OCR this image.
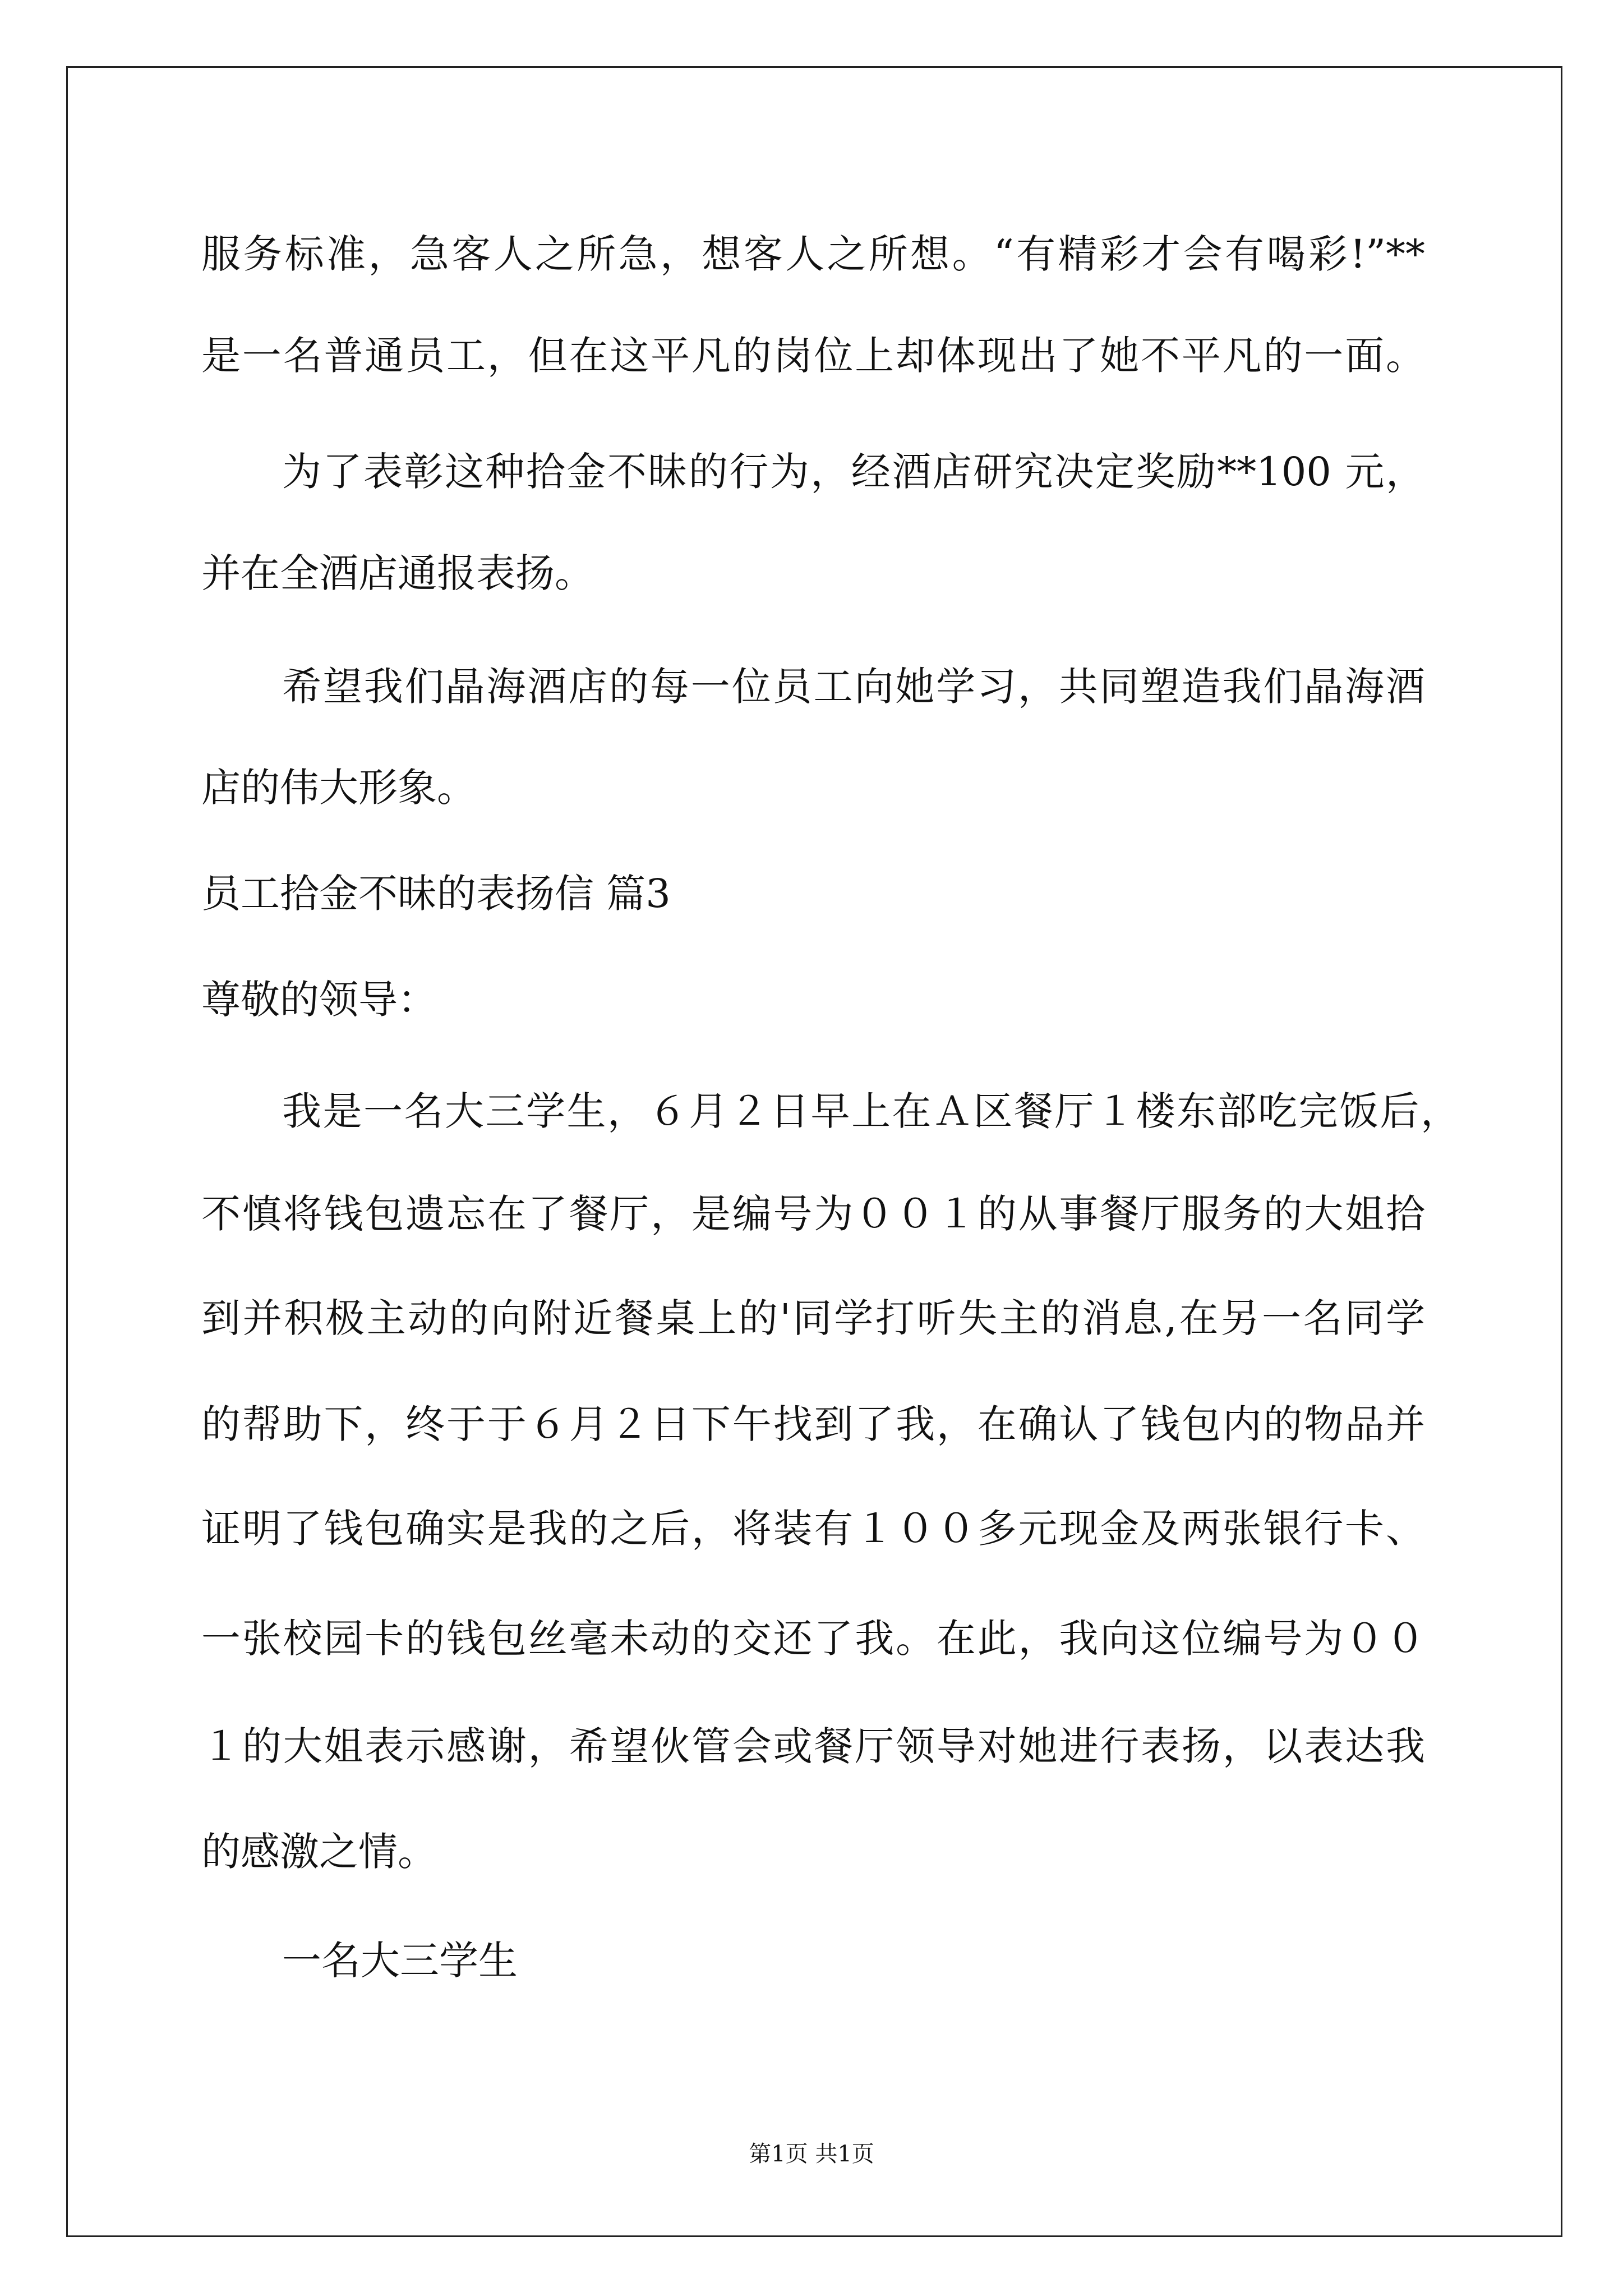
服务标准，急客人之所急，想客人之所想。“有精彩才会有喝彩!”**
是一名普通员工，但在这平凡的岗位上却体现出了她不平凡的一面。
为了表彰这种拾金不昧的行为，经酒店研究决定奖励**100 元，
并在全酒店通报表扬。
希望我们晶海酒店的每一位员工向她学习，共同塑造我们晶海酒
店的伟大形象。
员工拾金不昧的表扬信 篇3
尊敬的领导：
我是一名大三学生，６月２日早上在Ａ区餐厅１楼东部吃完饭后，
不慎将钱包遗忘在了餐厅，是编号为００１的从事餐厅服务的大姐拾
到并积极主动的向附近餐桌上的'同学打听失主的消息,在另一名同学
的帮助下，终于于６月２日下午找到了我，在确认了钱包内的物品并
证明了钱包确实是我的之后，将装有１００多元现金及两张银行卡、
一张校园卡的钱包丝毫未动的交还了我。在此，我向这位编号为００
１的大姐表示感谢，希望伙管会或餐厅领导对她进行表扬，以表达我
的感激之情。
一名大三学生
第1页 共1页
